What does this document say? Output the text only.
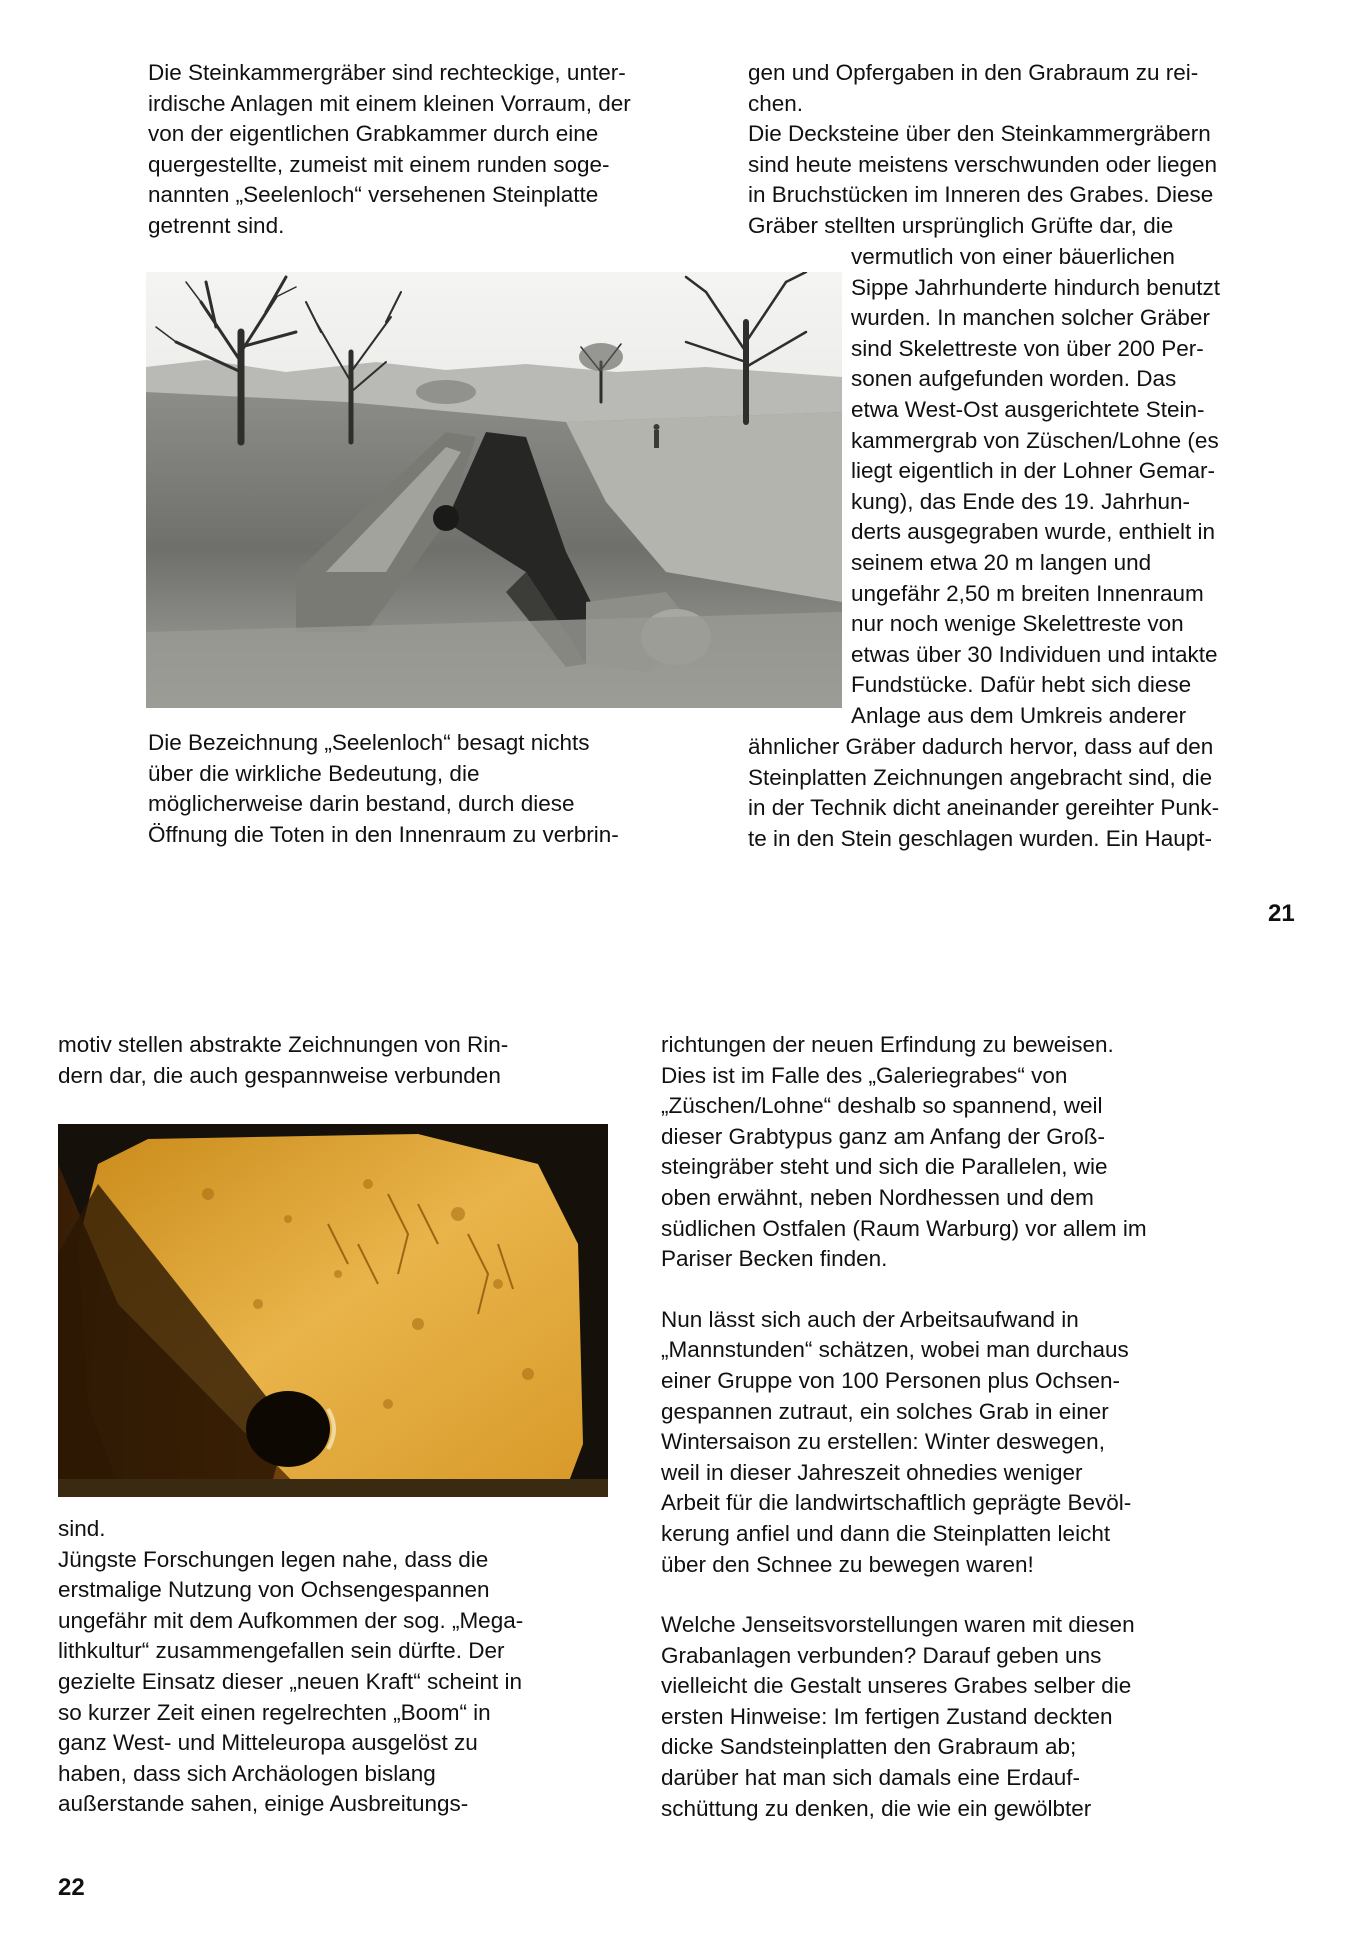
Die Steinkammergräber sind rechteckige, unter-
irdische Anlagen mit einem kleinen Vorraum, der
von der eigentlichen Grabkammer durch eine
quergestellte, zumeist mit einem runden soge-
nannten „Seelenloch“ versehenen Steinplatte
getrennt sind.
gen und Opfergaben in den Grabraum zu rei-
chen.
Die Decksteine über den Steinkammergräbern
sind heute meistens verschwunden oder liegen
in Bruchstücken im Inneren des Grabes. Diese
Gräber stellten ursprünglich Grüfte dar, die
vermutlich von einer bäuerlichen
Sippe Jahrhunderte hindurch benutzt
wurden. In manchen solcher Gräber
sind Skelettreste von über 200 Per-
sonen aufgefunden worden. Das
etwa West-Ost ausgerichtete Stein-
kammergrab von Züschen/Lohne (es
liegt eigentlich in der Lohner Gemar-
kung), das Ende des 19. Jahrhun-
derts ausgegraben wurde, enthielt in
seinem etwa 20 m langen und
ungefähr 2,50 m breiten Innenraum
nur noch wenige Skelettreste von
etwas über 30 Individuen und intakte
Fundstücke. Dafür hebt sich diese
Anlage aus dem Umkreis anderer
Die Bezeichnung „Seelenloch“ besagt nichts
über die wirkliche Bedeutung, die
möglicherweise darin bestand, durch diese
Öffnung die Toten in den Innenraum zu verbrin-
ähnlicher Gräber dadurch hervor, dass auf den
Steinplatten Zeichnungen angebracht sind, die
in der Technik dicht aneinander gereihter Punk-
te in den Stein geschlagen wurden. Ein Haupt-
21
motiv stellen abstrakte Zeichnungen von Rin-
dern dar, die auch gespannweise verbunden
sind.
Jüngste Forschungen legen nahe, dass die
erstmalige Nutzung von Ochsengespannen
ungefähr mit dem Aufkommen der sog. „Mega-
lithkultur“ zusammengefallen sein dürfte. Der
gezielte Einsatz dieser „neuen Kraft“ scheint in
so kurzer Zeit einen regelrechten „Boom“ in
ganz West- und Mitteleuropa ausgelöst zu
haben, dass sich Archäologen bislang
außerstande sahen, einige Ausbreitungs-
richtungen der neuen Erfindung zu beweisen.
Dies ist im Falle des „Galeriegrabes“ von
„Züschen/Lohne“ deshalb so spannend, weil
dieser Grabtypus ganz am Anfang der Groß-
steingräber steht und sich die Parallelen, wie
oben erwähnt, neben Nordhessen und dem
südlichen Ostfalen (Raum Warburg) vor allem im
Pariser Becken finden.
Nun lässt sich auch der Arbeitsaufwand in
„Mannstunden“ schätzen, wobei man durchaus
einer Gruppe von 100 Personen plus Ochsen-
gespannen zutraut, ein solches Grab in einer
Wintersaison zu erstellen: Winter deswegen,
weil in dieser Jahreszeit ohnedies weniger
Arbeit für die landwirtschaftlich geprägte Bevöl-
kerung anfiel und dann die Steinplatten leicht
über den Schnee zu bewegen waren!
Welche Jenseitsvorstellungen waren mit diesen
Grabanlagen verbunden? Darauf geben uns
vielleicht die Gestalt unseres Grabes selber die
ersten Hinweise: Im fertigen Zustand deckten
dicke Sandsteinplatten den Grabraum ab;
darüber hat man sich damals eine Erdauf-
schüttung zu denken, die wie ein gewölbter
22
